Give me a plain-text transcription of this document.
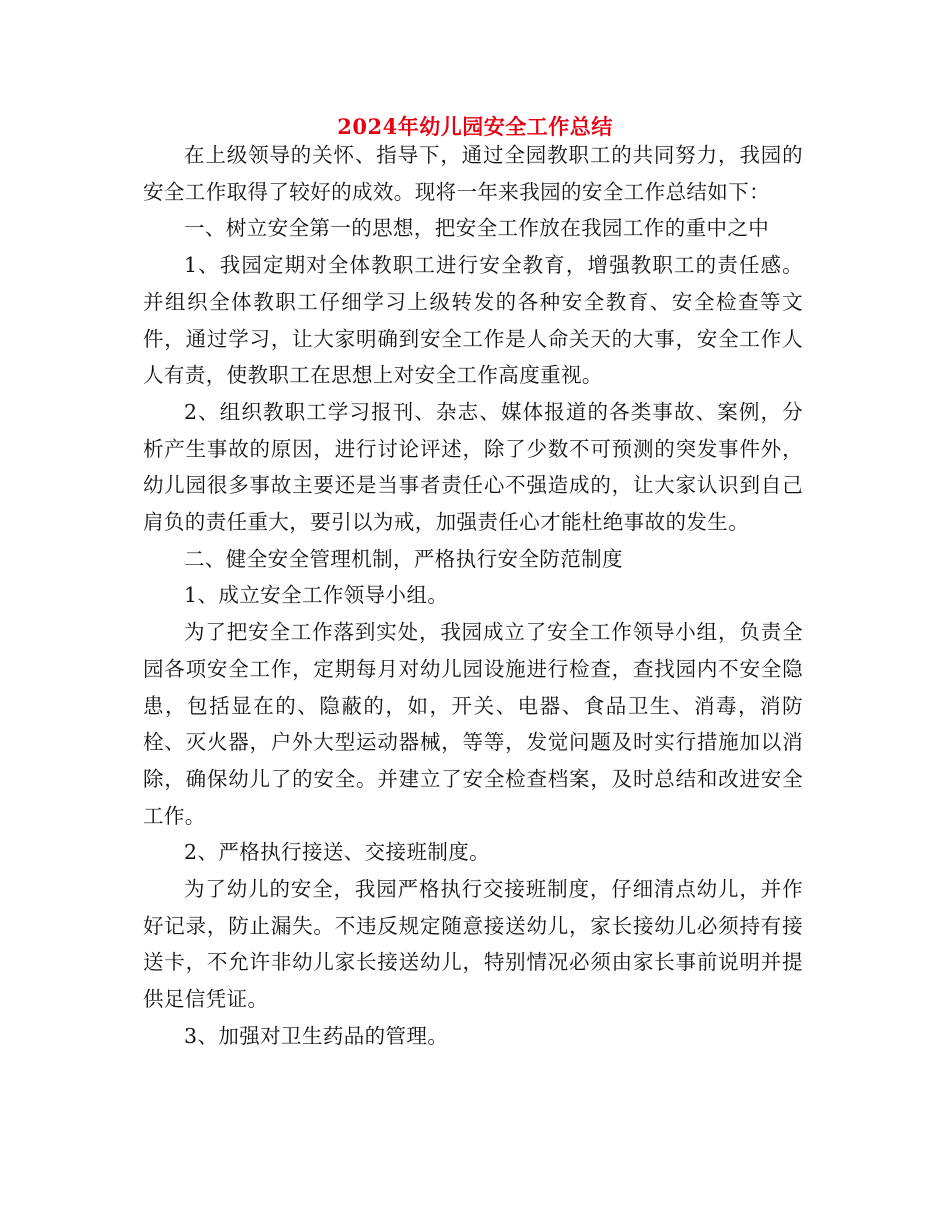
2024年幼儿园安全工作总结

在上级领导的关怀、指导下，通过全园教职工的共同努力，我园的安全工作取得了较好的成效。现将一年来我园的安全工作总结如下：

一、树立安全第一的思想，把安全工作放在我园工作的重中之中

1、我园定期对全体教职工进行安全教育，增强教职工的责任感。并组织全体教职工仔细学习上级转发的各种安全教育、安全检查等文件，通过学习，让大家明确到安全工作是人命关天的大事，安全工作人人有责，使教职工在思想上对安全工作高度重视。

2、组织教职工学习报刊、杂志、媒体报道的各类事故、案例，分析产生事故的原因，进行讨论评述，除了少数不可预测的突发事件外，幼儿园很多事故主要还是当事者责任心不强造成的，让大家认识到自己肩负的责任重大，要引以为戒，加强责任心才能杜绝事故的发生。

二、健全安全管理机制，严格执行安全防范制度

1、成立安全工作领导小组。

为了把安全工作落到实处，我园成立了安全工作领导小组，负责全园各项安全工作，定期每月对幼儿园设施进行检查，查找园内不安全隐患，包括显在的、隐蔽的，如，开关、电器、食品卫生、消毒，消防栓、灭火器，户外大型运动器械，等等，发觉问题及时实行措施加以消除，确保幼儿了的安全。并建立了安全检查档案，及时总结和改进安全工作。

2、严格执行接送、交接班制度。

为了幼儿的安全，我园严格执行交接班制度，仔细清点幼儿，并作好记录，防止漏失。不违反规定随意接送幼儿，家长接幼儿必须持有接送卡，不允许非幼儿家长接送幼儿，特别情况必须由家长事前说明并提供足信凭证。

3、加强对卫生药品的管理。
